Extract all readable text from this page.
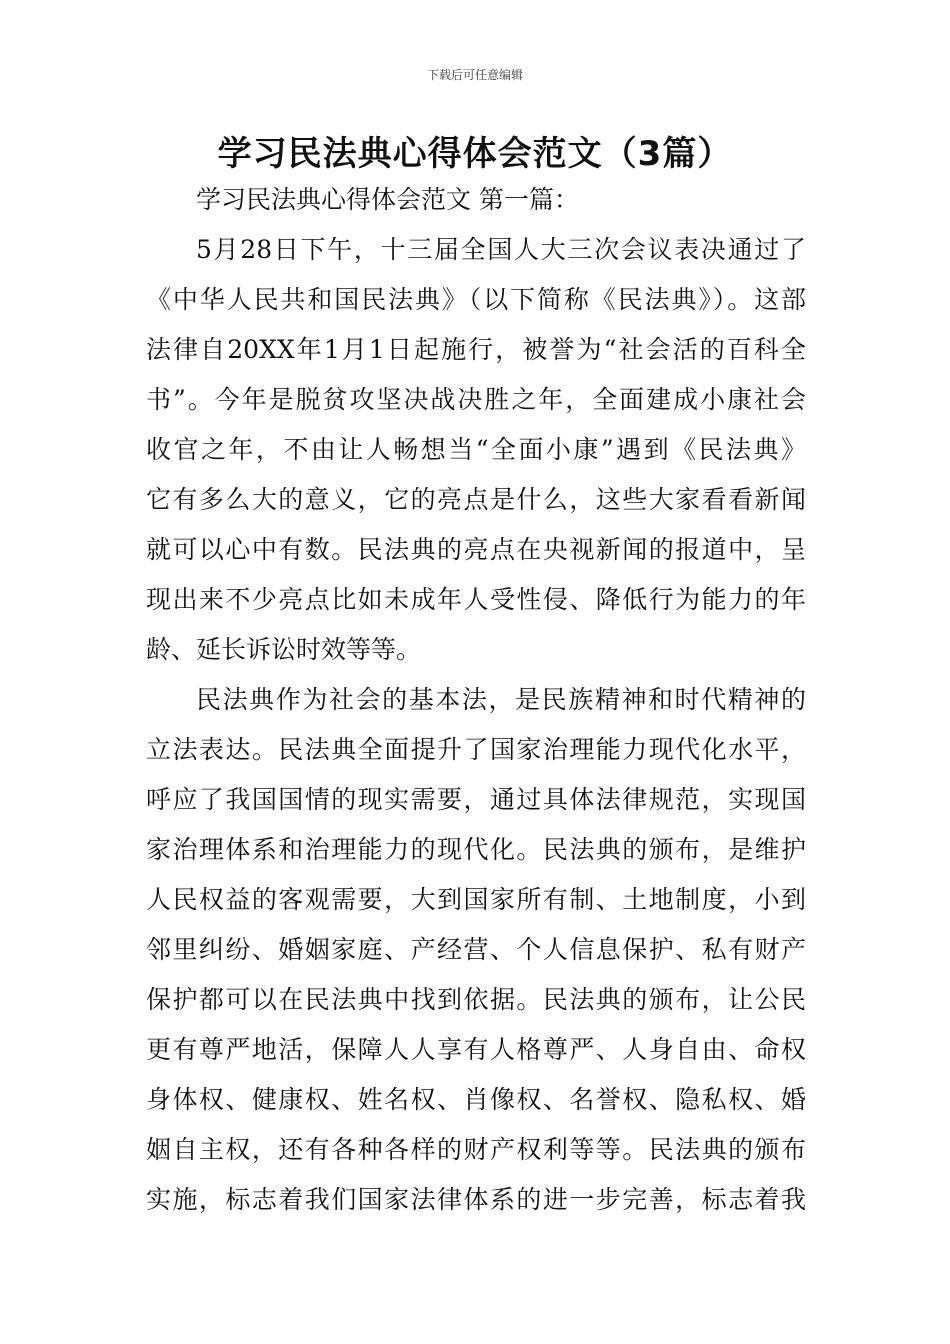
下载后可任意编辑
学习民法典心得体会范文（3篇）
学习民法典心得体会范文 第一篇：
5月28日下午，十三届全国人大三次会议表决通过了
《中华人民共和国民法典》（以下简称《民法典》）。这部
法律自20XX年1月1日起施行，被誉为“社会活的百科全
书”。今年是脱贫攻坚决战决胜之年，全面建成小康社会
收官之年，不由让人畅想当“全面小康”遇到《民法典》
它有多么大的意义，它的亮点是什么，这些大家看看新闻
就可以心中有数。民法典的亮点在央视新闻的报道中，呈
现出来不少亮点比如未成年人受性侵、降低行为能力的年
龄、延长诉讼时效等等。
民法典作为社会的基本法，是民族精神和时代精神的
立法表达。民法典全面提升了国家治理能力现代化水平，
呼应了我国国情的现实需要，通过具体法律规范，实现国
家治理体系和治理能力的现代化。民法典的颁布，是维护
人民权益的客观需要，大到国家所有制、土地制度，小到
邻里纠纷、婚姻家庭、产经营、个人信息保护、私有财产
保护都可以在民法典中找到依据。民法典的颁布，让公民
更有尊严地活，保障人人享有人格尊严、人身自由、命权
身体权、健康权、姓名权、肖像权、名誉权、隐私权、婚
姻自主权，还有各种各样的财产权利等等。民法典的颁布
实施，标志着我们国家法律体系的进一步完善，标志着我
